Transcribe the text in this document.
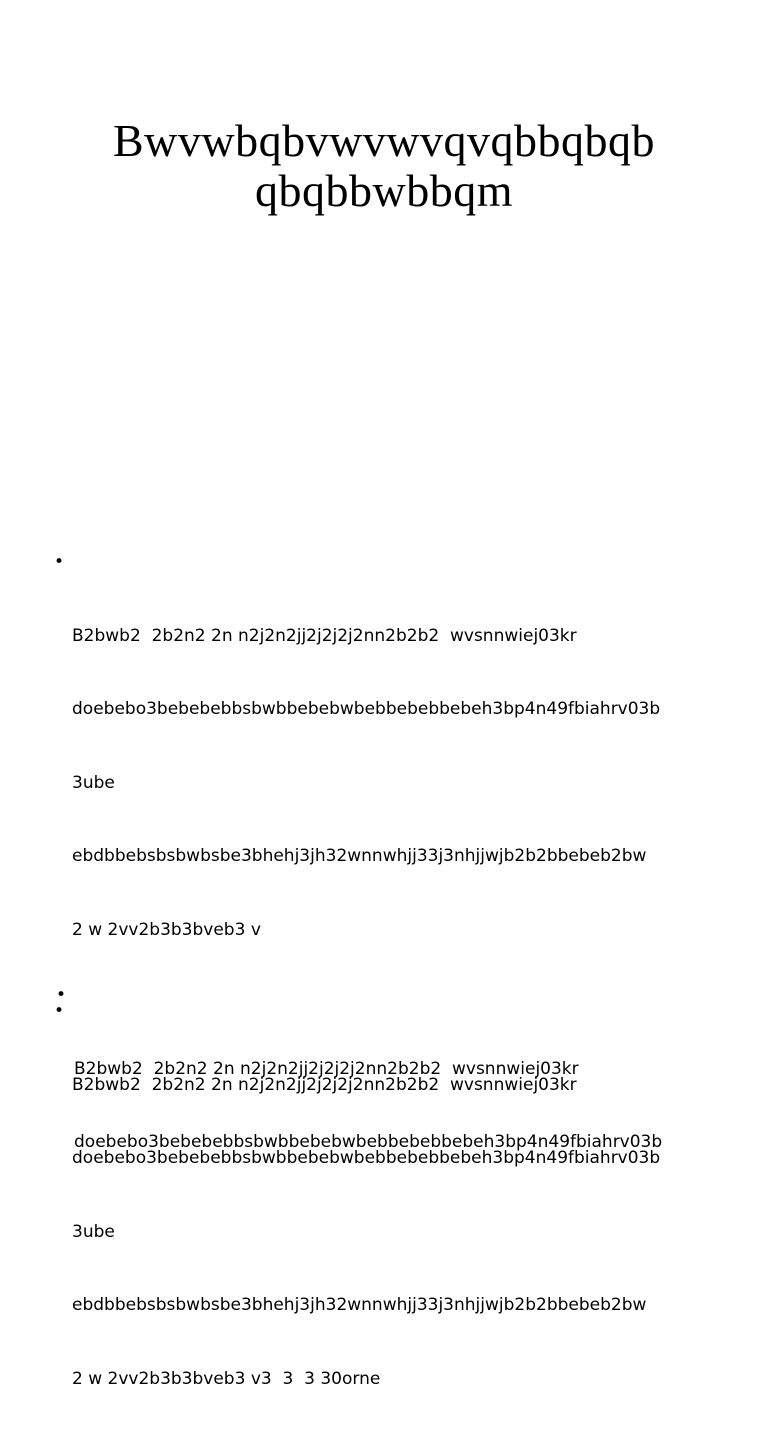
Bwvwbqbvwvwvqvqbbqbqb
qbqbbwbbqm

•

B2bwb2  2b2n2 2n n2j2n2jj2j2j2j2nn2b2b2  wvsnnwiej03kr

doebebo3bebebebbsbwbbebebwbebbebebbebeh3bp4n49fbiahrv03b

3ube

ebdbbebsbsbwbsbe3bhehj3jh32wnnwhjj33j3nhjjwjb2b2bbebeb2bw

2 w 2vv2b3b3bveb3 v

•

B2bwb2  2b2n2 2n n2j2n2jj2j2j2j2nn2b2b2  wvsnnwiej03kr

doebebo3bebebebbsbwbbebebwbebbebebbebeh3bp4n49fbiahrv03b

3ube

ebdbbebsbsbwbsbe3bhehj3jh32wnnwhjj33j3nhjjwjb2b2bbebeb2bw

2 w 2vv2b3b3bveb3 v3  3  3 30orne

•

B2bwb2  2b2n2 2n n2j2n2jj2j2j2j2nn2b2b2  wvsnnwiej03kr

doebebo3bebebebbsbwbbebebwbebbebebbebeh3bp4n49fbiahrv03b
